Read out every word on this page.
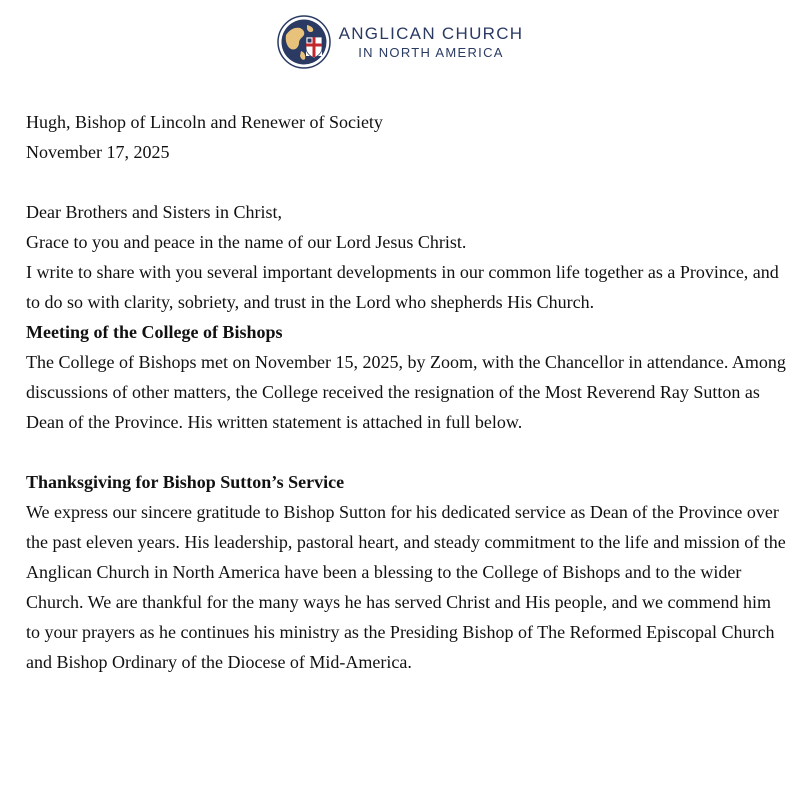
ANGLICAN CHURCH
IN NORTH AMERICA

Hugh, Bishop of Lincoln and Renewer of Society

November 17, 2025

Dear Brothers and Sisters in Christ,

Grace to you and peace in the name of our Lord Jesus Christ.

I write to share with you several important developments in our common life together as a Province, and to do so with clarity, sobriety, and trust in the Lord who shepherds His Church.

Meeting of the College of Bishops

The College of Bishops met on November 15, 2025, by Zoom, with the Chancellor in attendance. Among discussions of other matters, the College received the resignation of the Most Reverend Ray Sutton as Dean of the Province. His written statement is attached in full below.

Thanksgiving for Bishop Sutton’s Service

We express our sincere gratitude to Bishop Sutton for his dedicated service as Dean of the Province over the past eleven years. His leadership, pastoral heart, and steady commitment to the life and mission of the Anglican Church in North America have been a blessing to the College of Bishops and to the wider Church. We are thankful for the many ways he has served Christ and His people, and we commend him to your prayers as he continues his ministry as the Presiding Bishop of The Reformed Episcopal Church and Bishop Ordinary of the Diocese of Mid-America.
